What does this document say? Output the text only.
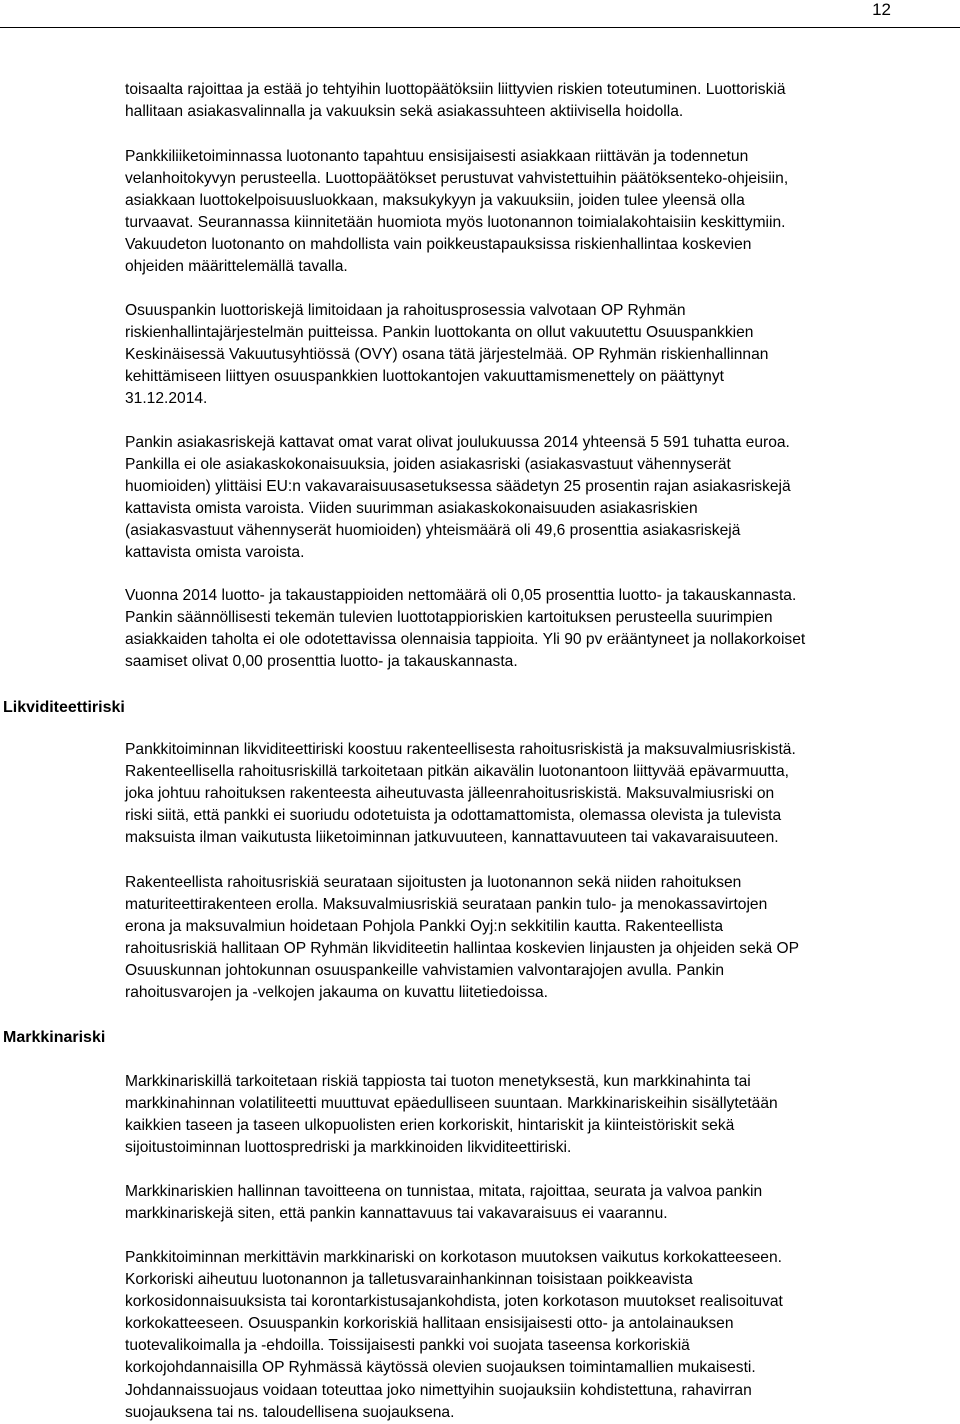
12
Likviditeettiriski
Markkinariski

toisaalta rajoittaa ja estää jo tehtyihin luottopäätöksiin liittyvien riskien toteutuminen. Luottoriskiä
hallitaan asiakasvalinnalla ja vakuuksin sekä asiakassuhteen aktiivisella hoidolla.

Pankkiliiketoiminnassa luotonanto tapahtuu ensisijaisesti asiakkaan riittävän ja todennetun
velanhoitokyvyn perusteella. Luottopäätökset perustuvat vahvistettuihin päätöksenteko-ohjeisiin,
asiakkaan luottokelpoisuusluokkaan, maksukykyyn ja vakuuksiin, joiden tulee yleensä olla
turvaavat. Seurannassa kiinnitetään huomiota myös luotonannon toimialakohtaisiin keskittymiin.
Vakuudeton luotonanto on mahdollista vain poikkeustapauksissa riskienhallintaa koskevien
ohjeiden määrittelemällä tavalla.

Osuuspankin luottoriskejä limitoidaan ja rahoitusprosessia valvotaan OP Ryhmän
riskienhallintajärjestelmän puitteissa. Pankin luottokanta on ollut vakuutettu Osuuspankkien
Keskinäisessä Vakuutusyhtiössä (OVY) osana tätä järjestelmää. OP Ryhmän riskienhallinnan
kehittämiseen liittyen osuuspankkien luottokantojen vakuuttamismenettely on päättynyt
31.12.2014.

Pankin asiakasriskejä kattavat omat varat olivat joulukuussa 2014 yhteensä 5 591 tuhatta euroa.
Pankilla ei ole asiakaskokonaisuuksia, joiden asiakasriski (asiakasvastuut vähennyserät
huomioiden) ylittäisi EU:n vakavaraisuusasetuksessa säädetyn 25 prosentin rajan asiakasriskejä
kattavista omista varoista. Viiden suurimman asiakaskokonaisuuden asiakasriskien
(asiakasvastuut vähennyserät huomioiden) yhteismäärä oli 49,6 prosenttia asiakasriskejä
kattavista omista varoista.

Vuonna 2014 luotto- ja takaustappioiden nettomäärä oli 0,05 prosenttia luotto- ja takauskannasta.
Pankin säännöllisesti tekemän tulevien luottotappioriskien kartoituksen perusteella suurimpien
asiakkaiden taholta ei ole odotettavissa olennaisia tappioita. Yli 90 pv erääntyneet ja nollakorkoiset
saamiset olivat 0,00 prosenttia luotto- ja takauskannasta.

Pankkitoiminnan likviditeettiriski koostuu rakenteellisesta rahoitusriskistä ja maksuvalmiusriskistä.
Rakenteellisella rahoitusriskillä tarkoitetaan pitkän aikavälin luotonantoon liittyvää epävarmuutta,
joka johtuu rahoituksen rakenteesta aiheutuvasta jälleenrahoitusriskistä. Maksuvalmiusriski on
riski siitä, että pankki ei suoriudu odotetuista ja odottamattomista, olemassa olevista ja tulevista
maksuista ilman vaikutusta liiketoiminnan jatkuvuuteen, kannattavuuteen tai vakavaraisuuteen.

Rakenteellista rahoitusriskiä seurataan sijoitusten ja luotonannon sekä niiden rahoituksen
maturiteettirakenteen erolla. Maksuvalmiusriskiä seurataan pankin tulo- ja menokassavirtojen
erona ja maksuvalmiun hoidetaan Pohjola Pankki Oyj:n sekkitilin kautta. Rakenteellista
rahoitusriskiä hallitaan OP Ryhmän likviditeetin hallintaa koskevien linjausten ja ohjeiden sekä OP
Osuuskunnan johtokunnan osuuspankeille vahvistamien valvontarajojen avulla. Pankin
rahoitusvarojen ja -velkojen jakauma on kuvattu liitetiedoissa.

Markkinariskillä tarkoitetaan riskiä tappiosta tai tuoton menetyksestä, kun markkinahinta tai
markkinahinnan volatiliteetti muuttuvat epäedulliseen suuntaan. Markkinariskeihin sisällytetään
kaikkien taseen ja taseen ulkopuolisten erien korkoriskit, hintariskit ja kiinteistöriskit sekä
sijoitustoiminnan luottospredriski ja markkinoiden likviditeettiriski.

Markkinariskien hallinnan tavoitteena on tunnistaa, mitata, rajoittaa, seurata ja valvoa pankin
markkinariskejä siten, että pankin kannattavuus tai vakavaraisuus ei vaarannu.

Pankkitoiminnan merkittävin markkinariski on korkotason muutoksen vaikutus korkokatteeseen.
Korkoriski aiheutuu luotonannon ja talletusvarainhankinnan toisistaan poikkeavista
korkosidonnaisuuksista tai korontarkistusajankohdista, joten korkotason muutokset realisoituvat
korkokatteeseen. Osuuspankin korkoriskiä hallitaan ensisijaisesti otto- ja antolainauksen
tuotevalikoimalla ja -ehdoilla. Toissijaisesti pankki voi suojata taseensa korkoriskiä
korkojohdannaisilla OP Ryhmässä käytössä olevien suojauksen toimintamallien mukaisesti.
Johdannaissuojaus voidaan toteuttaa joko nimettyihin suojauksiin kohdistettuna, rahavirran
suojauksena tai ns. taloudellisena suojauksena.
